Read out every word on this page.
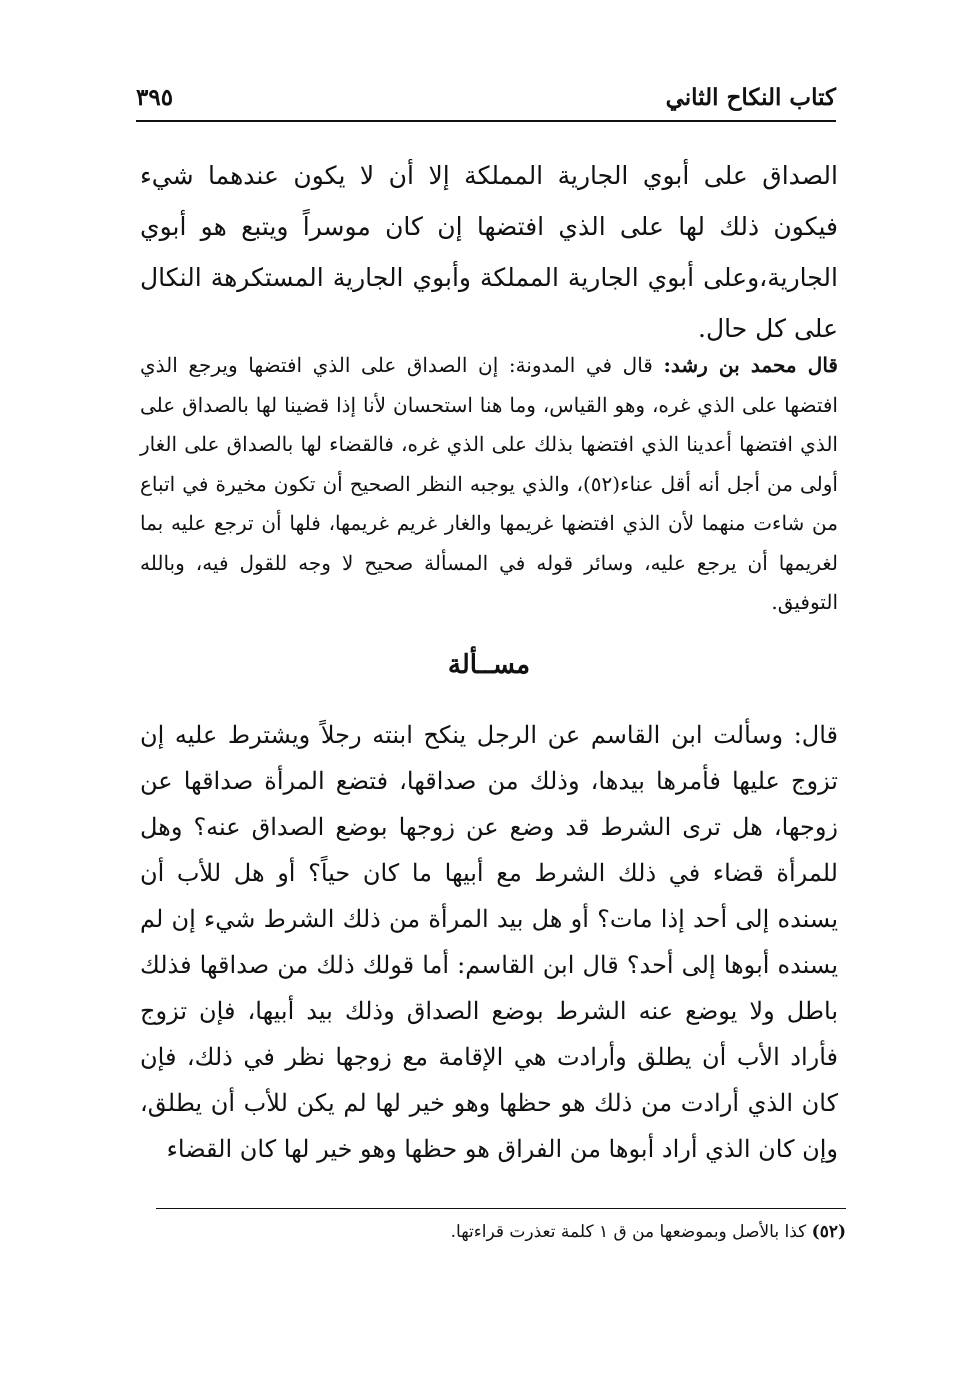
كتاب النكاح الثاني
٣٩٥

الصداق على أبوي الجارية المملكة إلا أن لا يكون عندهما شيء فيكون ذلك لها على الذي افتضها إن كان موسراً ويتبع هو أبوي الجارية،وعلى أبوي الجارية المملكة وأبوي الجارية المستكرهة النكال على كل حال.

قال محمد بن رشد: قال في المدونة: إن الصداق على الذي افتضها ويرجع الذي افتضها على الذي غره، وهو القياس، وما هنا استحسان لأنا إذا قضينا لها بالصداق على الذي افتضها أعدينا الذي افتضها بذلك على الذي غره، فالقضاء لها بالصداق على الغار أولى من أجل أنه أقل عناء(٥٢)، والذي يوجبه النظر الصحيح أن تكون مخيرة في اتباع من شاءت منهما لأن الذي افتضها غريمها والغار غريم غريمها، فلها أن ترجع عليه بما لغريمها أن يرجع عليه، وسائر قوله في المسألة صحيح لا وجه للقول فيه، وبالله التوفيق.

مســألة

قال: وسألت ابن القاسم عن الرجل ينكح ابنته رجلاً ويشترط عليه إن تزوج عليها فأمرها بيدها، وذلك من صداقها، فتضع المرأة صداقها عن زوجها، هل ترى الشرط قد وضع عن زوجها بوضع الصداق عنه؟ وهل للمرأة قضاء في ذلك الشرط مع أبيها ما كان حياً؟ أو هل للأب أن يسنده إلى أحد إذا مات؟ أو هل بيد المرأة من ذلك الشرط شيء إن لم يسنده أبوها إلى أحد؟ قال ابن القاسم: أما قولك ذلك من صداقها فذلك باطل ولا يوضع عنه الشرط بوضع الصداق وذلك بيد أبيها، فإن تزوج فأراد الأب أن يطلق وأرادت هي الإقامة مع زوجها نظر في ذلك، فإن كان الذي أرادت من ذلك هو حظها وهو خير لها لم يكن للأب أن يطلق، وإن كان الذي أراد أبوها من الفراق هو حظها وهو خير لها كان القضاء

(٥٢) كذا بالأصل وبموضعها من ق ١ كلمة تعذرت قراءتها.
